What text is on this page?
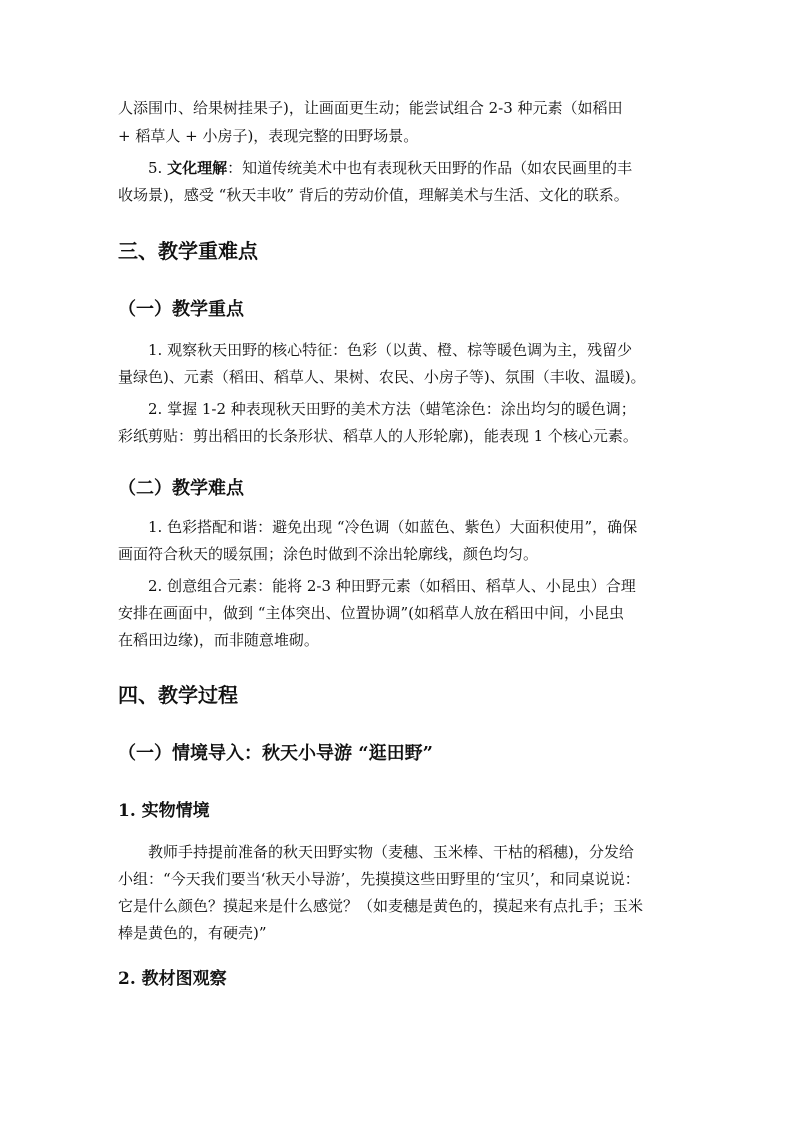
人添围巾、给果树挂果子)，让画面更生动；能尝试组合 2-3 种元素（如稻田
+ 稻草人 + 小房子)，表现完整的田野场景。
5. 文化理解：知道传统美术中也有表现秋天田野的作品（如农民画里的丰
收场景)，感受 “秋天丰收” 背后的劳动价值，理解美术与生活、文化的联系。
三、教学重难点
（一）教学重点
1. 观察秋天田野的核心特征：色彩（以黄、橙、棕等暖色调为主，残留少
量绿色)、元素（稻田、稻草人、果树、农民、小房子等)、氛围（丰收、温暖)。
2. 掌握 1-2 种表现秋天田野的美术方法（蜡笔涂色：涂出均匀的暖色调；
彩纸剪贴：剪出稻田的长条形状、稻草人的人形轮廓)，能表现 1 个核心元素。
（二）教学难点
1. 色彩搭配和谐：避免出现 “冷色调（如蓝色、紫色）大面积使用”，确保
画面符合秋天的暖氛围；涂色时做到不涂出轮廓线，颜色均匀。
2. 创意组合元素：能将 2-3 种田野元素（如稻田、稻草人、小昆虫）合理
安排在画面中，做到 “主体突出、位置协调”(如稻草人放在稻田中间，小昆虫
在稻田边缘)，而非随意堆砌。
四、教学过程
（一）情境导入：秋天小导游 “逛田野”
1. 实物情境
教师手持提前准备的秋天田野实物（麦穗、玉米棒、干枯的稻穗)，分发给
小组：“今天我们要当‘秋天小导游’，先摸摸这些田野里的‘宝贝’，和同桌说说：
它是什么颜色？摸起来是什么感觉？（如麦穗是黄色的，摸起来有点扎手；玉米
棒是黄色的，有硬壳)”
2. 教材图观察
